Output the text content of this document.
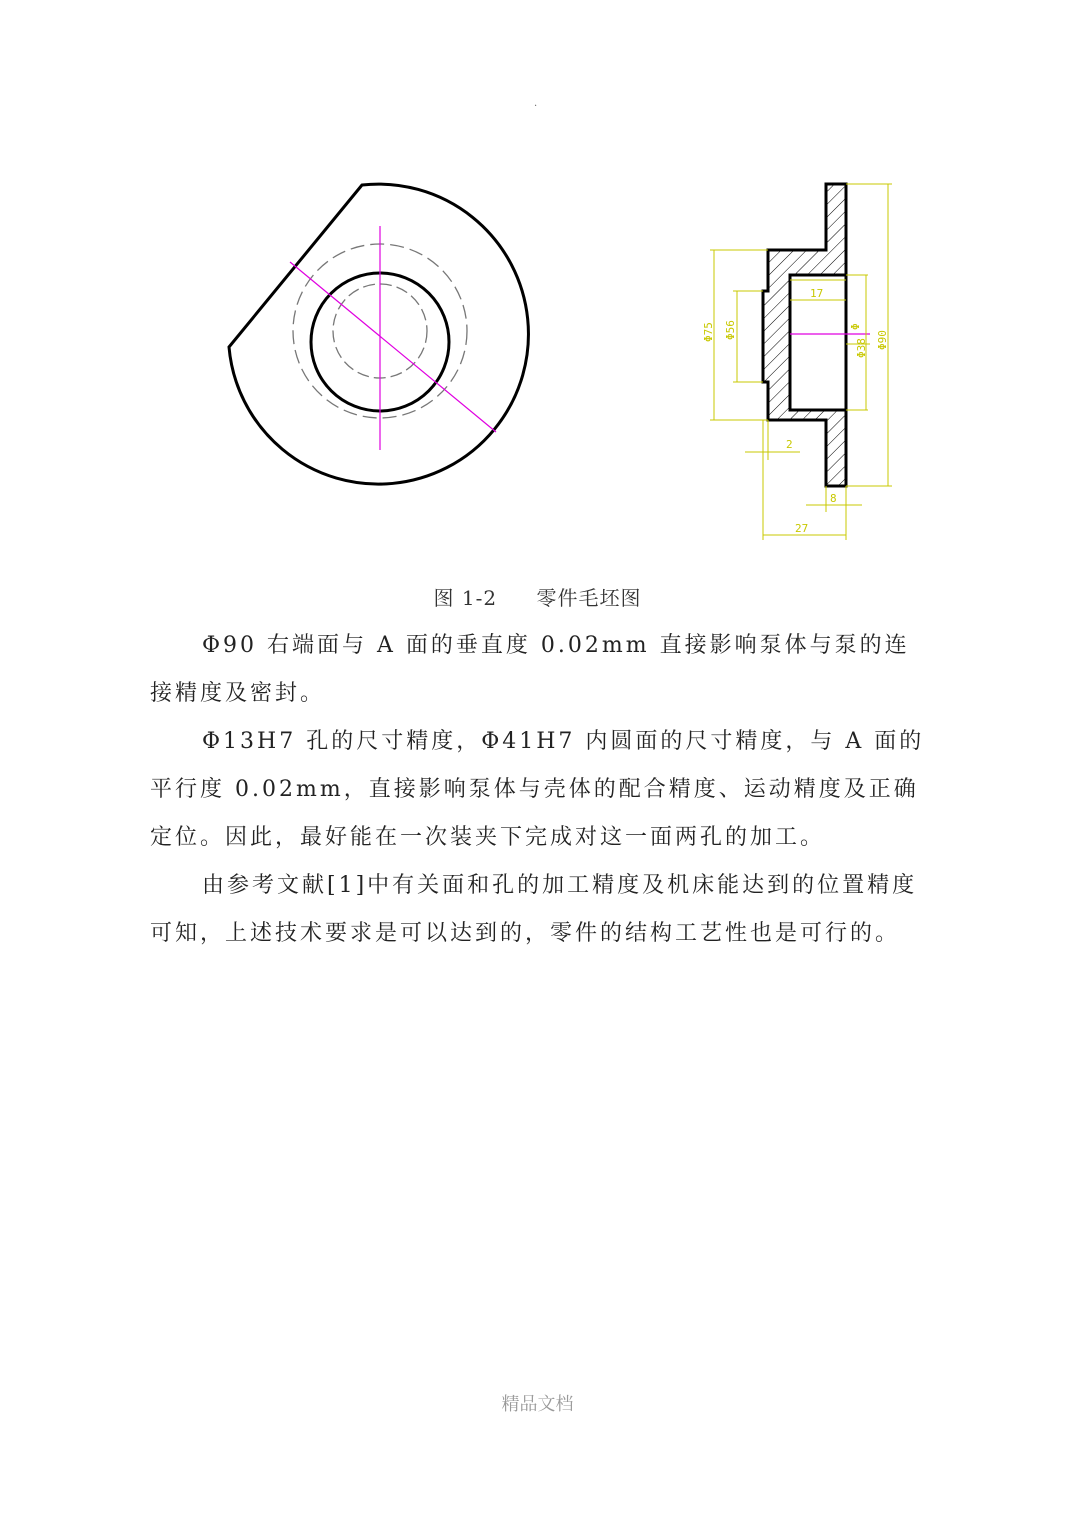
.
17
2
8
27
Φ75 Φ56	Φ
Φ38 Φ90
图 1-2 零件毛坯图

Φ90 右端面与 A 面的垂直度 0.02mm 直接影响泵体与泵的连接精度及密封。

Φ13H7 孔的尺寸精度，Φ41H7 内圆面的尺寸精度，与 A 面的平行度 0.02mm，直接影响泵体与壳体的配合精度、运动精度及正确定位。因此，最好能在一次装夹下完成对这一面两孔的加工。

由参考文献[1]中有关面和孔的加工精度及机床能达到的位置精度可知，上述技术要求是可以达到的，零件的结构工艺性也是可行的。

精品文档
